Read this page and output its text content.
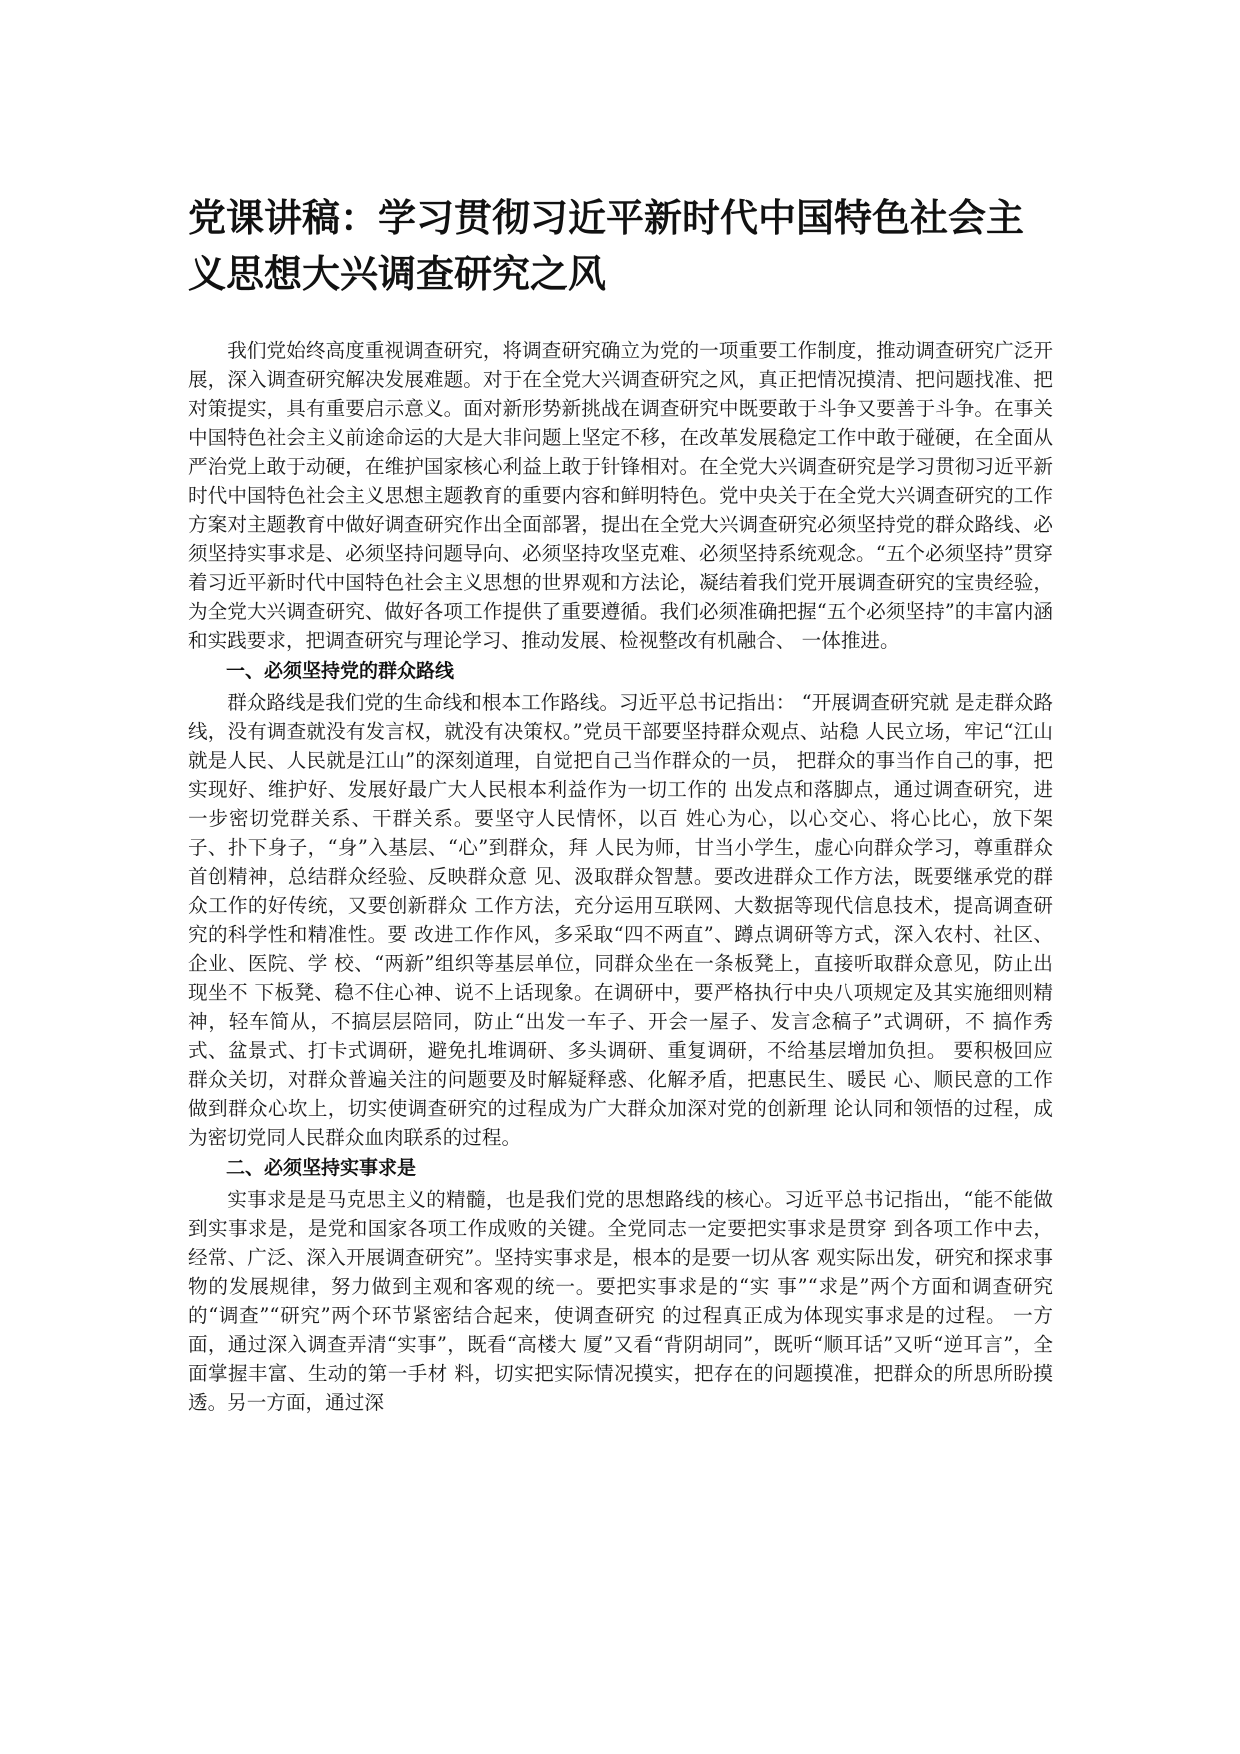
党课讲稿：学习贯彻习近平新时代中国特色社会主义思想大兴调查研究之风

我们党始终高度重视调查研究，将调查研究确立为党的一项重要工作制度，推动调查研究广泛开展，深入调查研究解决发展难题。对于在全党大兴调查研究之风，真正把情况摸清、把问题找准、把对策提实，具有重要启示意义。面对新形势新挑战在调查研究中既要敢于斗争又要善于斗争。在事关中国特色社会主义前途命运的大是大非问题上坚定不移，在改革发展稳定工作中敢于碰硬，在全面从严治党上敢于动硬，在维护国家核心利益上敢于针锋相对。在全党大兴调查研究是学习贯彻习近平新时代中国特色社会主义思想主题教育的重要内容和鲜明特色。党中央关于在全党大兴调查研究的工作方案对主题教育中做好调查研究作出全面部署，提出在全党大兴调查研究必须坚持党的群众路线、必须坚持实事求是、必须坚持问题导向、必须坚持攻坚克难、必须坚持系统观念。“五个必须坚持”贯穿着习近平新时代中国特色社会主义思想的世界观和方法论，凝结着我们党开展调查研究的宝贵经验，为全党大兴调查研究、做好各项工作提供了重要遵循。我们必须准确把握“五个必须坚持”的丰富内涵和实践要求，把调查研究与理论学习、推动发展、检视整改有机融合、 一体推进。

一、必须坚持党的群众路线

群众路线是我们党的生命线和根本工作路线。习近平总书记指出： “开展调查研究就 是走群众路线，没有调查就没有发言权，就没有决策权。”党员干部要坚持群众观点、站稳 人民立场，牢记“江山就是人民、人民就是江山”的深刻道理，自觉把自己当作群众的一员， 把群众的事当作自己的事，把实现好、维护好、发展好最广大人民根本利益作为一切工作的 出发点和落脚点，通过调查研究，进一步密切党群关系、干群关系。要坚守人民情怀，以百 姓心为心，以心交心、将心比心，放下架子、扑下身子，“身”入基层、“心”到群众，拜 人民为师，甘当小学生，虚心向群众学习，尊重群众首创精神，总结群众经验、反映群众意 见、汲取群众智慧。要改进群众工作方法，既要继承党的群众工作的好传统，又要创新群众 工作方法，充分运用互联网、大数据等现代信息技术，提高调查研究的科学性和精准性。要 改进工作作风，多采取“四不两直”、蹲点调研等方式，深入农村、社区、企业、医院、学 校、“两新”组织等基层单位，同群众坐在一条板凳上，直接听取群众意见，防止出现坐不 下板凳、稳不住心神、说不上话现象。在调研中，要严格执行中央八项规定及其实施细则精 神，轻车简从，不搞层层陪同，防止“出发一车子、开会一屋子、发言念稿子”式调研，不 搞作秀式、盆景式、打卡式调研，避免扎堆调研、多头调研、重复调研，不给基层增加负担。 要积极回应群众关切，对群众普遍关注的问题要及时解疑释惑、化解矛盾，把惠民生、暖民 心、顺民意的工作做到群众心坎上，切实使调查研究的过程成为广大群众加深对党的创新理 论认同和领悟的过程，成为密切党同人民群众血肉联系的过程。

二、必须坚持实事求是

实事求是是马克思主义的精髓，也是我们党的思想路线的核心。习近平总书记指出，“能不能做到实事求是，是党和国家各项工作成败的关键。全党同志一定要把实事求是贯穿 到各项工作中去，经常、广泛、深入开展调查研究”。坚持实事求是，根本的是要一切从客 观实际出发，研究和探求事物的发展规律，努力做到主观和客观的统一。要把实事求是的“实 事”“求是”两个方面和调查研究的“调查”“研究”两个环节紧密结合起来，使调查研究 的过程真正成为体现实事求是的过程。 一方面，通过深入调查弄清“实事”，既看“高楼大 厦”又看“背阴胡同”，既听“顺耳话”又听“逆耳言”，全面掌握丰富、生动的第一手材 料，切实把实际情况摸实，把存在的问题摸准，把群众的所思所盼摸透。另一方面，通过深
